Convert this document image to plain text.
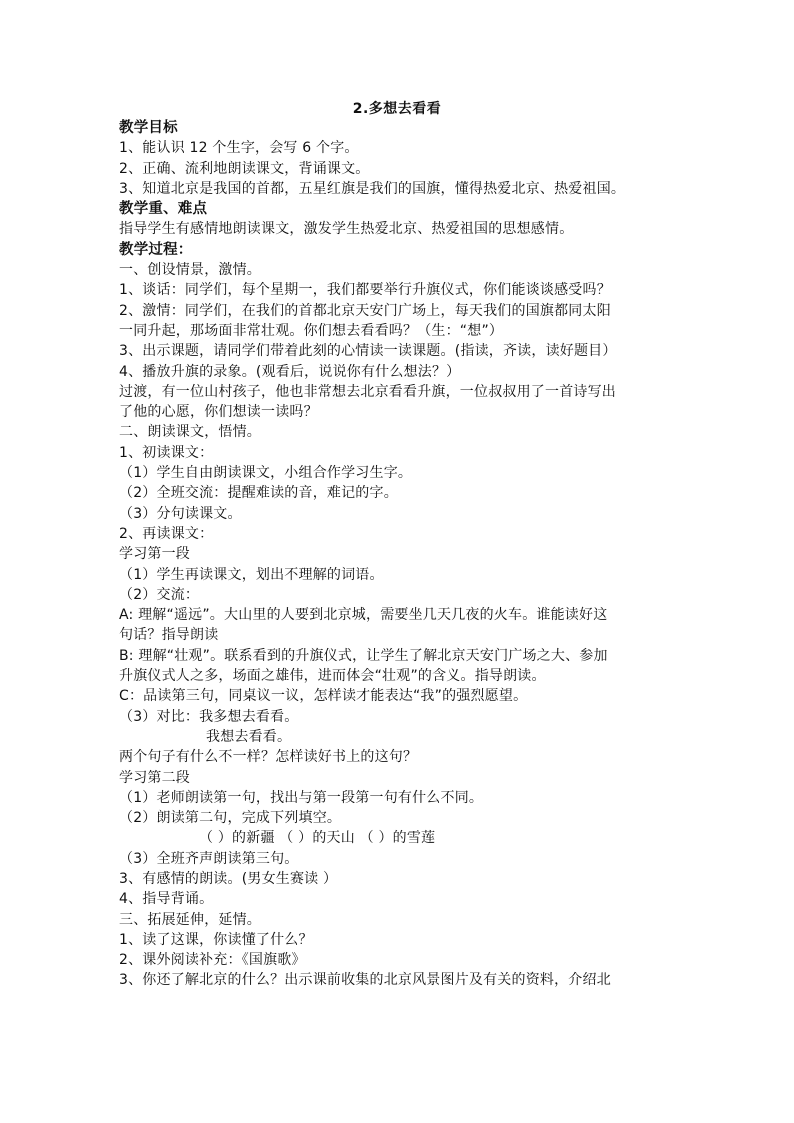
2.多想去看看
教学目标
1、能认识 12 个生字，会写 6 个字。
2、正确、流利地朗读课文，背诵课文。
3、知道北京是我国的首都，五星红旗是我们的国旗，懂得热爱北京、热爱祖国。
教学重、难点
指导学生有感情地朗读课文，激发学生热爱北京、热爱祖国的思想感情。
教学过程：
一、创设情景，激情。
1、谈话：同学们，每个星期一，我们都要举行升旗仪式，你们能谈谈感受吗？
2、激情：同学们，在我们的首都北京天安门广场上，每天我们的国旗都同太阳
一同升起，那场面非常壮观。你们想去看看吗？（生：“想”）
3、出示课题，请同学们带着此刻的心情读一读课题。(指读，齐读，读好题目）
4、播放升旗的录象。(观看后，说说你有什么想法？）
过渡，有一位山村孩子，他也非常想去北京看看升旗，一位叔叔用了一首诗写出
了他的心愿，你们想读一读吗？
二、朗读课文，悟情。
1、初读课文：
（1）学生自由朗读课文，小组合作学习生字。
（2）全班交流：提醒难读的音，难记的字。
（3）分句读课文。
2、再读课文：
学习第一段
（1）学生再读课文，划出不理解的词语。
（2）交流：
A: 理解“遥远”。大山里的人要到北京城，需要坐几天几夜的火车。谁能读好这
句话？指导朗读
B: 理解“壮观”。联系看到的升旗仪式，让学生了解北京天安门广场之大、参加
升旗仪式人之多，场面之雄伟，进而体会“壮观”的含义。指导朗读。
C：品读第三句，同桌议一议，怎样读才能表达“我”的强烈愿望。
（3）对比：我多想去看看。
我想去看看。
两个句子有什么不一样？怎样读好书上的这句？
学习第二段
（1）老师朗读第一句，找出与第一段第一句有什么不同。
（2）朗读第二句，完成下列填空。
（ ）的新疆 （ ）的天山 （ ）的雪莲
（3）全班齐声朗读第三句。
3、有感情的朗读。(男女生赛读 ）
4、指导背诵。
三、拓展延伸，延情。
1、读了这课，你读懂了什么？
2、课外阅读补充：《国旗歌》
3、你还了解北京的什么？出示课前收集的北京风景图片及有关的资料，介绍北
